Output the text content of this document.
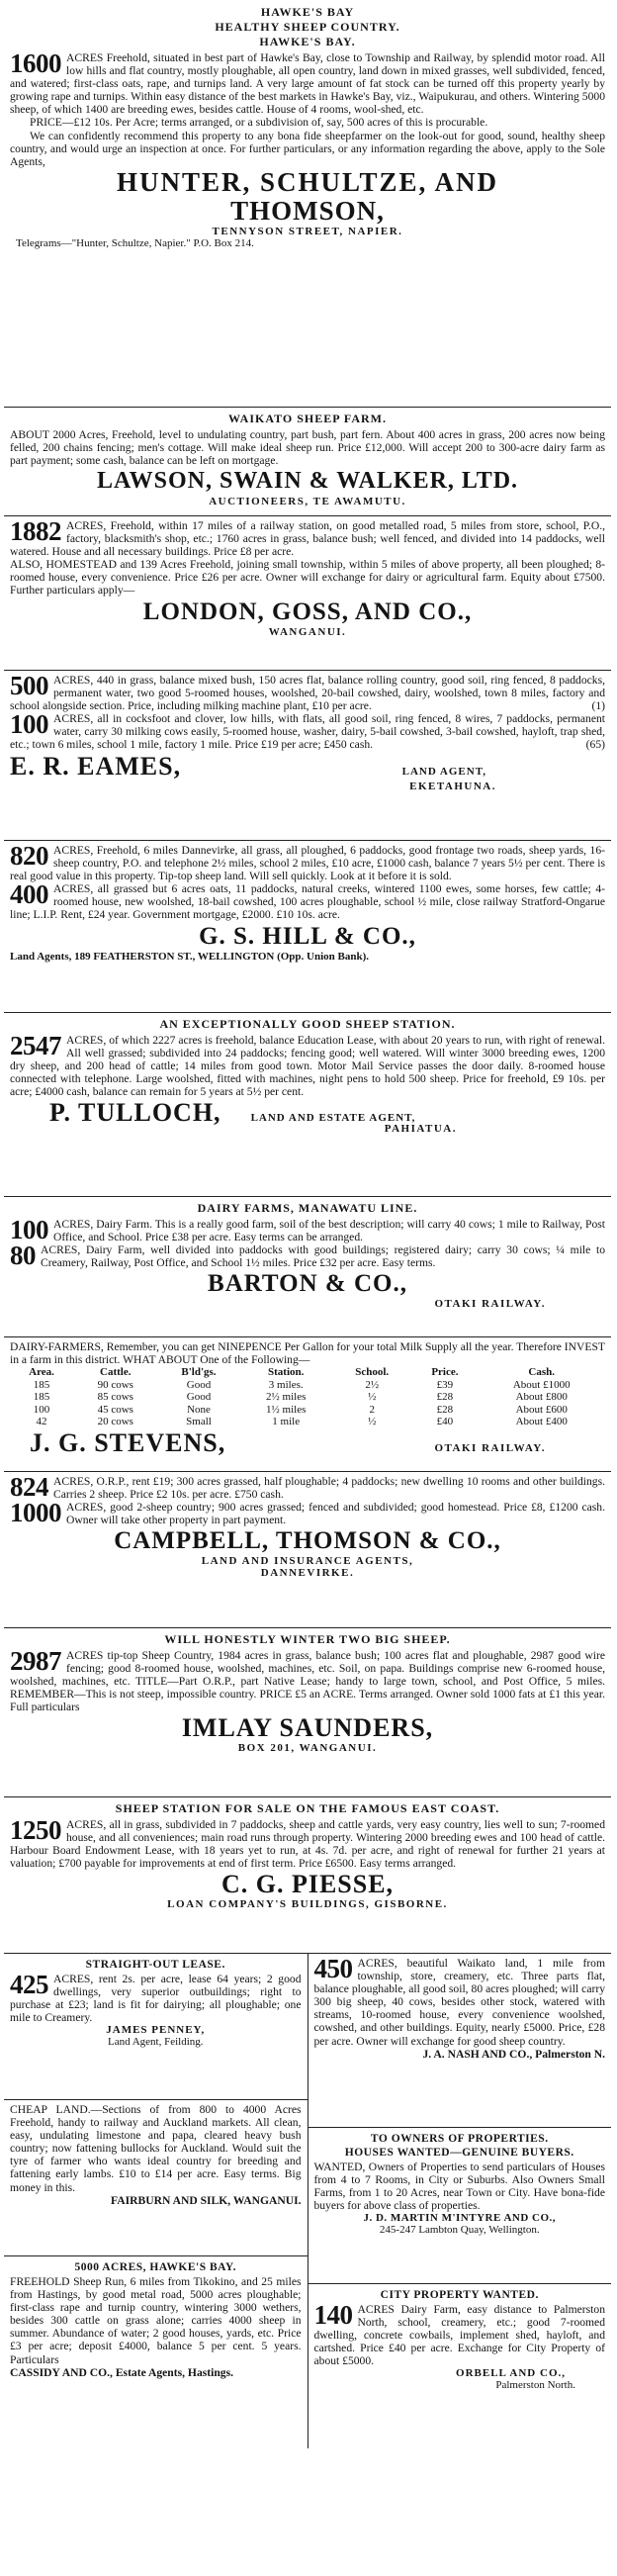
HAWKE'S BAY
HEALTHY SHEEP COUNTRY.
HAWKE'S BAY.
1600 ACRES Freehold, situated in best part of Hawke's Bay, close to Township and Railway, by splendid motor road. All low hills and flat country, mostly ploughable, all open country, land down in mixed grasses, well subdivided, fenced, and watered; first-class oats, rape, and turnips land. A very large amount of fat stock can be turned off this property yearly by growing rape and turnips. Within easy distance of the best markets in Hawke's Bay, viz., Waipukurau, and others. Wintering 5000 sheep, of which 1400 are breeding ewes, besides cattle. House of 4 rooms, wool-shed, etc.
PRICE—£12 10s. Per Acre; terms arranged, or a subdivision of, say, 500 acres of this is procurable.
We can confidently recommend this property to any bona fide sheepfarmer on the look-out for good, sound, healthy sheep country, and would urge an inspection at once. For further particulars, or any information regarding the above, apply to the Sole Agents,
HUNTER, SCHULTZE, AND
THOMSON,
TENNYSON STREET, NAPIER.
Telegrams—"Hunter, Schultze, Napier." P.O. Box 214.
WAIKATO SHEEP FARM.
ABOUT 2000 Acres, Freehold, level to undulating country, part bush, part fern. About 400 acres in grass, 200 acres now being felled, 200 chains fencing; men's cottage. Will make ideal sheep run. Price £12,000. Will accept 200 to 300-acre dairy farm as part payment; some cash, balance can be left on mortgage.
LAWSON, SWAIN & WALKER, LTD.
AUCTIONEERS, TE AWAMUTU.
1882 ACRES, Freehold, within 17 miles of a railway station, on good metalled road, 5 miles from store, school, P.O., factory, blacksmith's shop, etc.; 1760 acres in grass, balance bush; well fenced, and divided into 14 paddocks, well watered. House and all necessary buildings. Price £8 per acre.
ALSO, HOMESTEAD and 139 Acres Freehold, joining small township, within 5 miles of above property, all been ploughed; 8-roomed house, every convenience. Price £26 per acre. Owner will exchange for dairy or agricultural farm. Equity about £7500. Further particulars apply—
LONDON, GOSS, AND CO.,
WANGANUI.
500 ACRES, 440 in grass, balance mixed bush, 150 acres flat, balance rolling country, good soil, ring fenced, 8 paddocks, permanent water, two good 5-roomed houses, woolshed, 20-bail cowshed, dairy, woolshed, town 8 miles, factory and school alongside section. Price, including milking machine plant, £10 per acre.	(1)
100 ACRES, all in cocksfoot and clover, low hills, with flats, all good soil, ring fenced, 8 wires, 7 paddocks, permanent water, carry 30 milking cows easily, 5-roomed house, washer, dairy, 5-bail cowshed, 3-bail cowshed, hayloft, trap shed, etc.; town 6 miles, school 1 mile, factory 1 mile. Price £19 per acre; £450 cash.	(65)
E. R. EAMES,	LAND AGENT,
EKETAHUNA.
820 ACRES, Freehold, 6 miles Dannevirke, all grass, all ploughed, 6 paddocks, good frontage two roads, sheep yards, 16-sheep country, P.O. and telephone 2½ miles, school 2 miles, £10 acre, £1000 cash, balance 7 years 5½ per cent. There is real good value in this property. Tip-top sheep land. Will sell quickly. Look at it before it is sold.
400 ACRES, all grassed but 6 acres oats, 11 paddocks, natural creeks, wintered 1100 ewes, some horses, few cattle; 4-roomed house, new woolshed, 18-bail cowshed, 100 acres ploughable, school ½ mile, close railway Stratford-Ongarue line; L.I.P. Rent, £24 year. Government mortgage, £2000. £10 10s. acre.
G. S. HILL & CO.,
Land Agents, 189 FEATHERSTON ST., WELLINGTON (Opp. Union Bank).
AN EXCEPTIONALLY GOOD SHEEP STATION.
2547 ACRES, of which 2227 acres is freehold, balance Education Lease, with about 20 years to run, with right of renewal. All well grassed; subdivided into 24 paddocks; fencing good; well watered. Will winter 3000 breeding ewes, 1200 dry sheep, and 200 head of cattle; 14 miles from good town. Motor Mail Service passes the door daily. 8-roomed house connected with telephone. Large woolshed, fitted with machines, night pens to hold 500 sheep. Price for freehold, £9 10s. per acre; £4000 cash, balance can remain for 5 years at 5½ per cent.
P. TULLOCH,	LAND AND ESTATE AGENT,
PAHIATUA.
DAIRY FARMS, MANAWATU LINE.
100 ACRES, Dairy Farm. This is a really good farm, soil of the best description; will carry 40 cows; 1 mile to Railway, Post Office, and School. Price £38 per acre. Easy terms can be arranged.
80 ACRES, Dairy Farm, well divided into paddocks with good buildings; registered dairy; carry 30 cows; ¼ mile to Creamery, Railway, Post Office, and School 1½ miles. Price £32 per acre. Easy terms.
BARTON & CO.,
OTAKI RAILWAY.
DAIRY-FARMERS, Remember, you can get NINEPENCE Per Gallon for your total Milk Supply all the year. Therefore INVEST in a farm in this district. WHAT ABOUT One of the Following—
Area.	Cattle.	B'ld'gs.	Station.	School.	Price.	Cash.
185	90 cows	Good	3 miles.	2½	£39	About £1000
185	85 cows	Good	2½ miles	½	£28	About £800
100	45 cows	None	1½ miles	2	£28	About £600
42	20 cows	Small	1 mile	½	£40	About £400
J. G. STEVENS,	OTAKI RAILWAY.
824 ACRES, O.R.P., rent £19; 300 acres grassed, half ploughable; 4 paddocks; new dwelling 10 rooms and other buildings. Carries 2 sheep. Price £2 10s. per acre. £750 cash.
1000 ACRES, good 2-sheep country; 900 acres grassed; fenced and subdivided; good homestead. Price £8, £1200 cash. Owner will take other property in part payment.
CAMPBELL, THOMSON & CO.,
LAND AND INSURANCE AGENTS,
DANNEVIRKE.
WILL HONESTLY WINTER TWO BIG SHEEP.
2987 ACRES tip-top Sheep Country, 1984 acres in grass, balance bush; 100 acres flat and ploughable, 2987 good wire fencing; good 8-roomed house, woolshed, machines, etc. Soil, on papa. Buildings comprise new 6-roomed house, woolshed, machines, etc. TITLE—Part O.R.P., part Native Lease; handy to large town, school, and Post Office, 5 miles. REMEMBER—This is not steep, impossible country. PRICE £5 an ACRE. Terms arranged. Owner sold 1000 fats at £1 this year. Full particulars
IMLAY SAUNDERS,
BOX 201, WANGANUI.
SHEEP STATION FOR SALE ON THE FAMOUS EAST COAST.
1250 ACRES, all in grass, subdivided in 7 paddocks, sheep and cattle yards, very easy country, lies well to sun; 7-roomed house, and all conveniences; main road runs through property. Wintering 2000 breeding ewes and 100 head of cattle. Harbour Board Endowment Lease, with 18 years yet to run, at 4s. 7d. per acre, and right of renewal for further 21 years at valuation; £700 payable for improvements at end of first term. Price £6500. Easy terms arranged.
C. G. PIESSE,
LOAN COMPANY'S BUILDINGS, GISBORNE.
STRAIGHT-OUT LEASE.
425 ACRES, rent 2s. per acre, lease 64 years; 2 good dwellings, very superior outbuildings; right to purchase at £23; land is fit for dairying; all ploughable; one mile to Creamery.
JAMES PENNEY,
Land Agent, Feilding.
CHEAP LAND.—Sections of from 800 to 4000 Acres Freehold, handy to railway and Auckland markets. All clean, easy, undulating limestone and papa, cleared heavy bush country; now fattening bullocks for Auckland. Would suit the tyre of farmer who wants ideal country for breeding and fattening early lambs. £10 to £14 per acre. Easy terms. Big money in this.
FAIRBURN AND SILK, WANGANUI.
5000 ACRES, HAWKE'S BAY.
FREEHOLD Sheep Run, 6 miles from Tikokino, and 25 miles from Hastings, by good metal road, 5000 acres ploughable; first-class rape and turnip country, wintering 3000 wethers, besides 300 cattle on grass alone; carries 4000 sheep in summer. Abundance of water; 2 good houses, yards, etc. Price £3 per acre; deposit £4000, balance 5 per cent. 5 years. Particulars
CASSIDY AND CO., Estate Agents, Hastings.
450 ACRES, beautiful Waikato land, 1 mile from township, store, creamery, etc. Three parts flat, balance ploughable, all good soil, 80 acres ploughed; will carry 300 big sheep, 40 cows, besides other stock, watered with streams, 10-roomed house, every convenience woolshed, cowshed, and other buildings. Equity, nearly £5000. Price, £28 per acre. Owner will exchange for good sheep country.
J. A. NASH AND CO., Palmerston N.
TO OWNERS OF PROPERTIES.
HOUSES WANTED—GENUINE BUYERS.
WANTED, Owners of Properties to send particulars of Houses from 4 to 7 Rooms, in City or Suburbs. Also Owners Small Farms, from 1 to 20 Acres, near Town or City. Have bona-fide buyers for above class of properties.
J. D. MARTIN M'INTYRE AND CO.,
245-247 Lambton Quay, Wellington.
CITY PROPERTY WANTED.
140 ACRES Dairy Farm, easy distance to Palmerston North, school, creamery, etc.; good 7-roomed dwelling, concrete cowbails, implement shed, hayloft, and cartshed. Price £40 per acre. Exchange for City Property of about £5000.
ORBELL AND CO.,
Palmerston North.
